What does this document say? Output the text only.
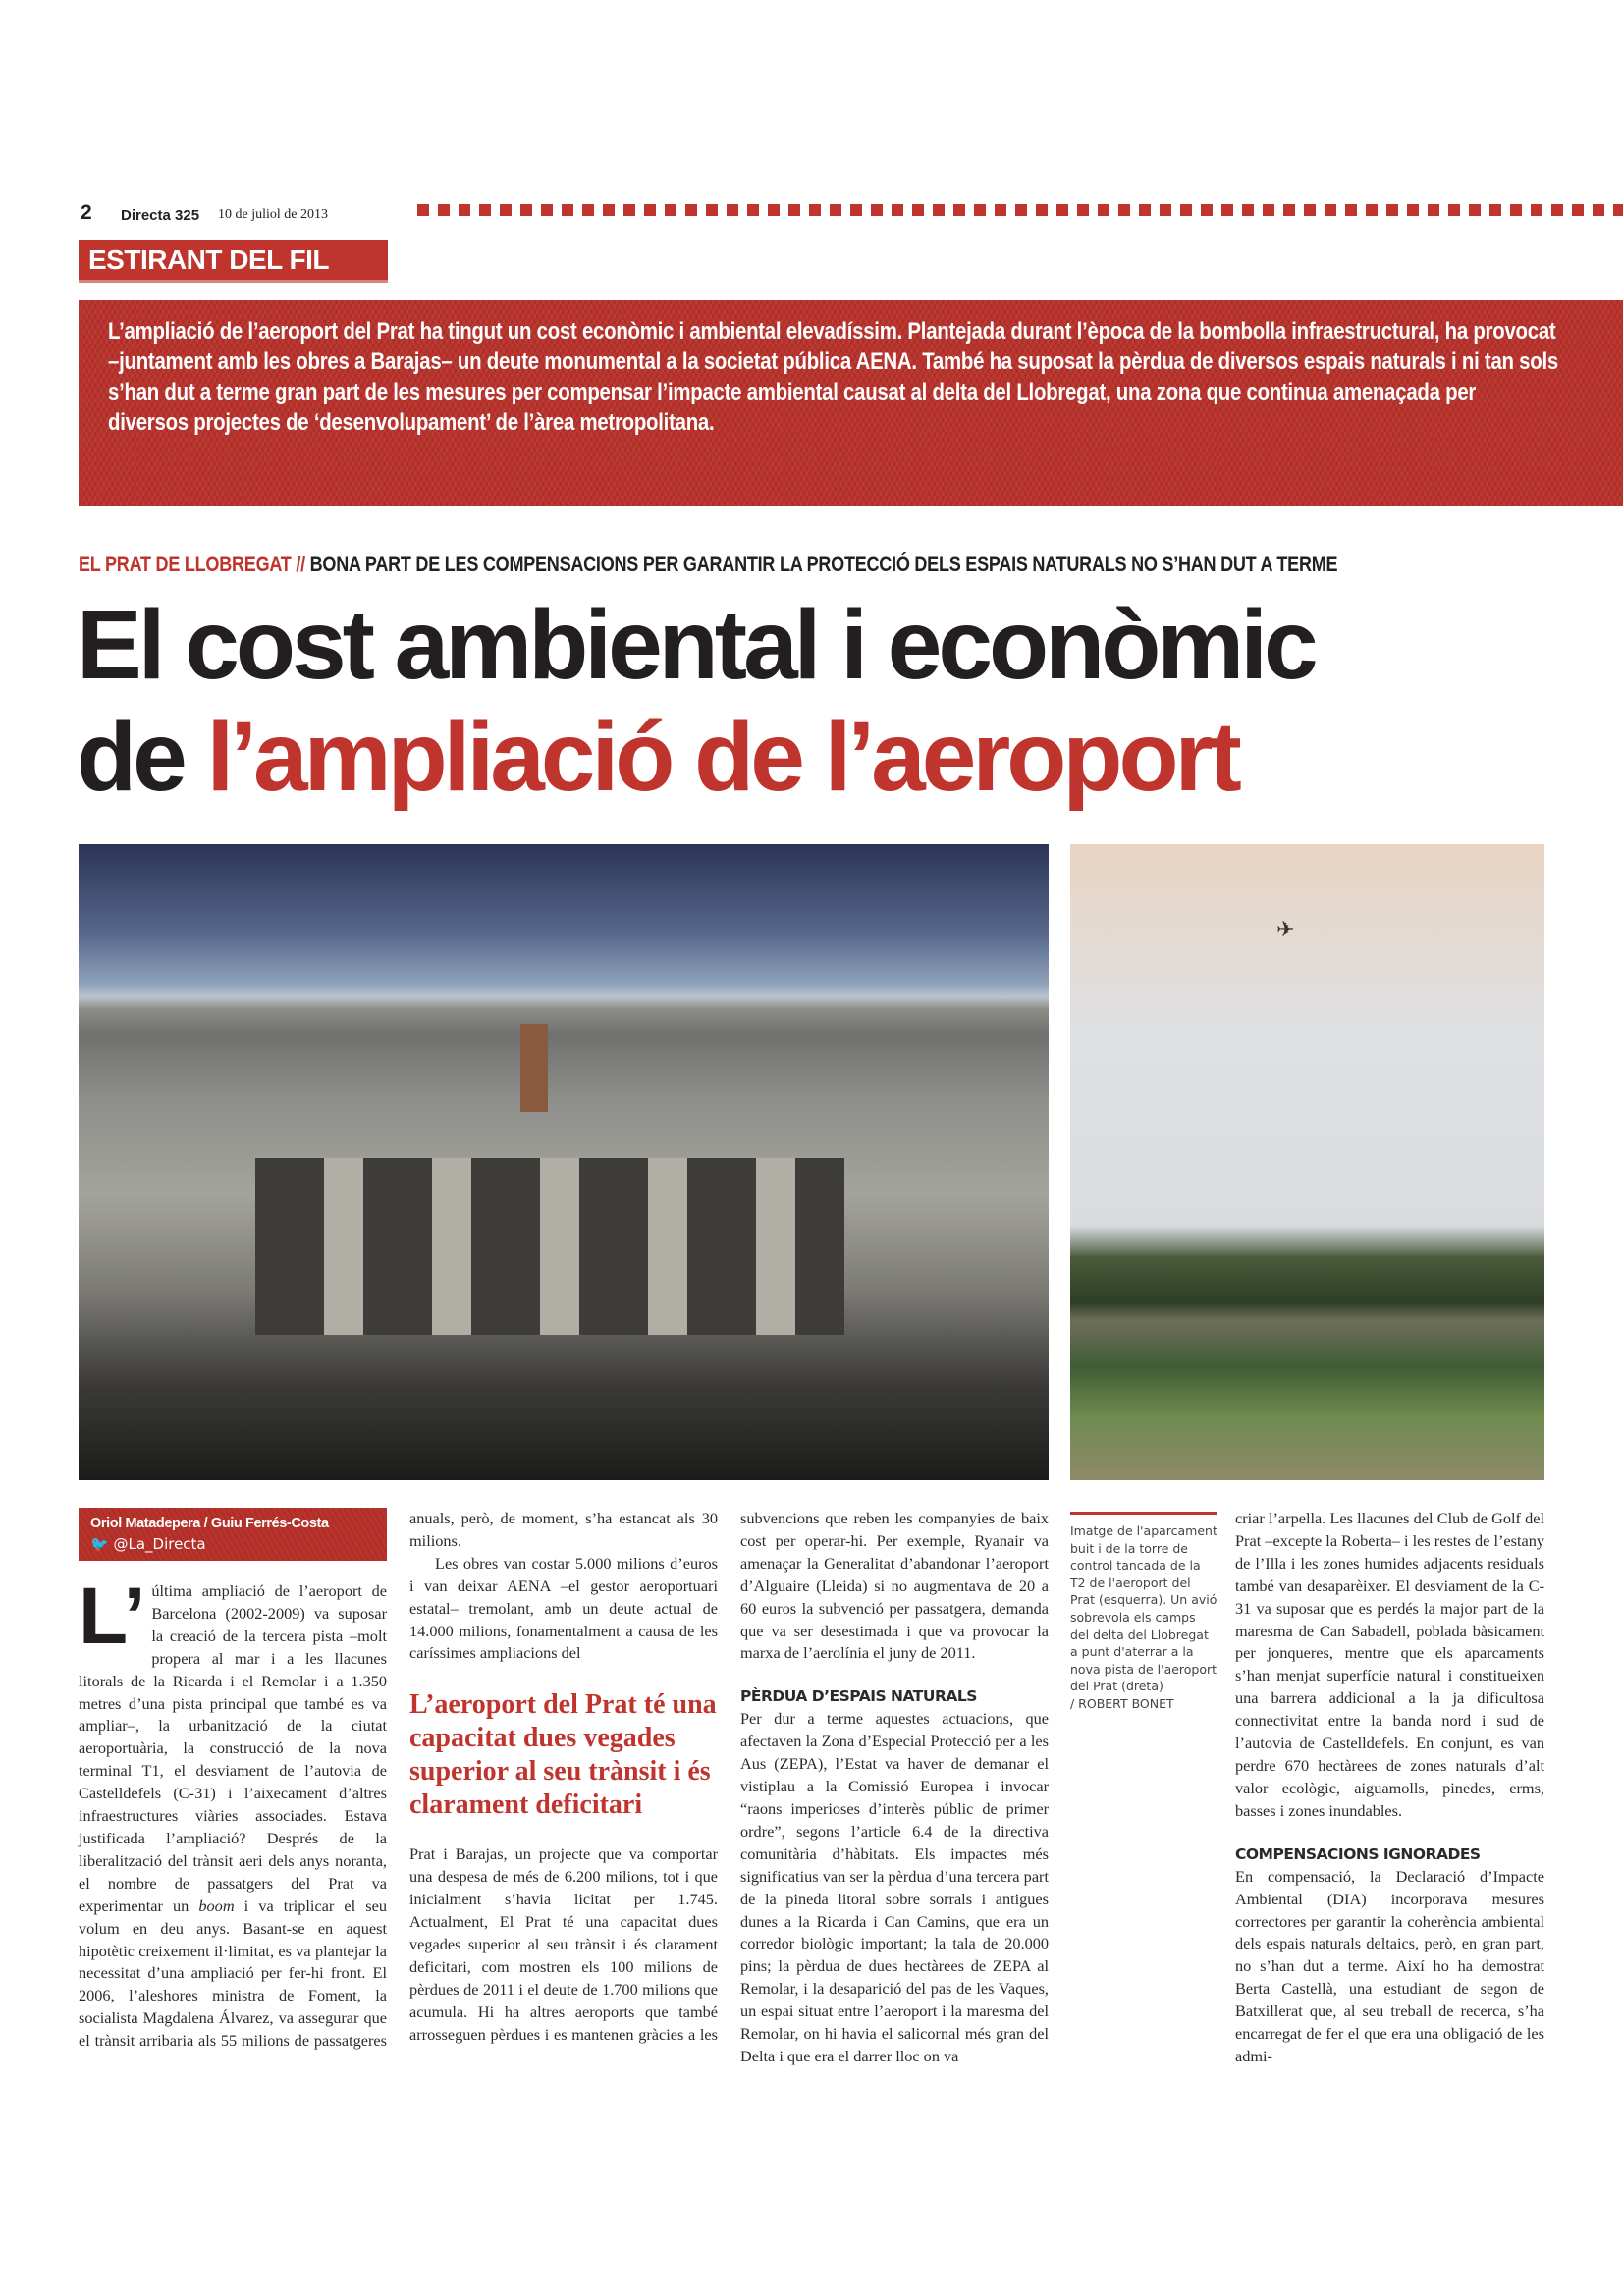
2 Directa 325 10 de juliol de 2013
ESTIRANT DEL FIL

L’ampliació de l’aeroport del Prat ha tingut un cost econòmic i ambiental elevadíssim. Plantejada durant l’època de la bombolla infraestructural, ha provocat –juntament amb les obres a Barajas– un deute monumental a la societat pública AENA. També ha suposat la pèrdua de diversos espais naturals i ni tan sols s’han dut a terme gran part de les mesures per compensar l’impacte ambiental causat al delta del Llobregat, una zona que continua amenaçada per diversos projectes de ‘desenvolupament’ de l’àrea metropolitana.

EL PRAT DE LLOBREGAT // BONA PART DE LES COMPENSACIONS PER GARANTIR LA PROTECCIÓ DELS ESPAIS NATURALS NO S’HAN DUT A TERME
El cost ambiental i econòmic
de l’ampliació de l’aeroport
✈
Oriol Matadepera / Guiu Ferrés-Costa
🐦 @La_Directa

L’ última ampliació de l’aeroport de Barcelona (2002-2009) va suposar la creació de la tercera pista –molt propera al mar i a les llacunes litorals de la Ricarda i el Remolar i a 1.350 metres d’una pista principal que també es va ampliar–, la urbanització de la ciutat aeroportuària, la construcció de la nova terminal T1, el desviament de l’autovia de Castelldefels (C-31) i l’aixecament d’altres infraestructures viàries associades. Estava justificada l’ampliació? Després de la liberalització del trànsit aeri dels anys noranta, el nombre de passatgers del Prat va experimentar un boom i va triplicar el seu volum en deu anys. Basant-se en aquest hipotètic creixement il·limitat, es va plantejar la necessitat d’una ampliació per fer-hi front. El 2006, l’aleshores ministra de Foment, la socialista Magdalena Álvarez, va assegurar que el trànsit arribaria als 55 milions de passatgeres anuals, però, de moment, s’ha estancat als 30 milions.

Les obres van costar 5.000 milions d’euros i van deixar AENA –el gestor aeroportuari estatal– tremolant, amb un deute actual de 14.000 milions, fonamentalment a causa de les caríssimes ampliacions del

L’aeroport del Prat té una capacitat dues vegades superior al seu trànsit i és clarament deficitari

Prat i Barajas, un projecte que va comportar una despesa de més de 6.200 milions, tot i que inicialment s’havia licitat per 1.745. Actualment, El Prat té una capacitat dues vegades superior al seu trànsit i és clarament deficitari, com mostren els 100 milions de pèrdues de 2011 i el deute de 1.700 milions que acumula. Hi ha altres aeroports que també arrosseguen pèrdues i es mantenen gràcies a les subvencions que reben les companyies de baix cost per operar-hi. Per exemple, Ryanair va amenaçar la Generalitat d’abandonar l’aeroport d’Alguaire (Lleida) si no augmentava de 20 a 60 euros la subvenció per passatgera, demanda que va ser desestimada i que va provocar la marxa de l’aerolínia el juny de 2011.

PÈRDUA D’ESPAIS NATURALS

Per dur a terme aquestes actuacions, que afectaven la Zona d’Especial Protecció per a les Aus (ZEPA), l’Estat va haver de demanar el vistiplau a la Comissió Europea i invocar “raons imperioses d’interès públic de primer ordre”, segons l’article 6.4 de la directiva comunitària d’hàbitats. Els impactes més significatius van ser la pèrdua d’una tercera part de la pineda litoral sobre sorrals i antigues dunes a la Ricarda i Can Camins, que era un corredor biològic important; la tala de 20.000 pins; la pèrdua de dues hectàrees de ZEPA al Remolar, i la desaparició del pas de les Vaques, un espai situat entre l’aeroport i la maresma del Remolar, on hi havia el salicornal més gran del Delta i que era el darrer lloc on va

criar l’arpella. Les llacunes del Club de Golf del Prat –excepte la Roberta– i les restes de l’estany de l’Illa i les zones humides adjacents residuals també van desaparèixer. El desviament de la C-31 va suposar que es perdés la major part de la maresma de Can Sabadell, poblada bàsicament per jonqueres, mentre que els aparcaments s’han menjat superfície natural i constitueixen una barrera addicional a la ja dificultosa connectivitat entre la banda nord i sud de l’autovia de Castelldefels. En conjunt, es van perdre 670 hectàrees de zones naturals d’alt valor ecològic, aiguamolls, pinedes, erms, basses i zones inundables.

COMPENSACIONS IGNORADES

En compensació, la Declaració d’Impacte Ambiental (DIA) incorporava mesures correctores per garantir la coherència ambiental dels espais naturals deltaics, però, en gran part, no s’han dut a terme. Així ho ha demostrat Berta Castellà, una estudiant de segon de Batxillerat que, al seu treball de recerca, s’ha encarregat de fer el que era una obligació de les admi-

Imatge de l'aparcament buit i de la torre de control tancada de la T2 de l'aeroport del Prat (esquerra). Un avió sobrevola els camps del delta del Llobregat a punt d'aterrar a la nova pista de l'aeroport del Prat (dreta)
/ ROBERT BONET
